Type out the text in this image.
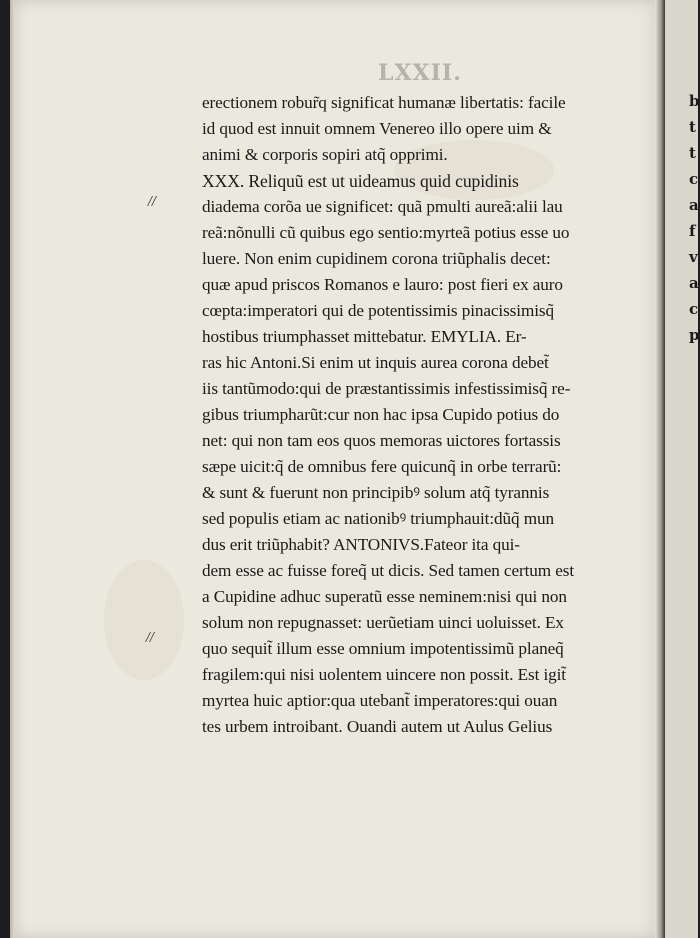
b
t
t
c
a
f
v
a
c
p
LXXII.
//
//
erectionem robur̃q significat humanæ libertatis: facile
id quod est innuit omnem Venereo illo opere uim &
animi & corporis sopiri atq̃ opprimi.
XXX. Reliquũ est ut uideamus quid cupidinis
diadema corõa ue significet: quã pmulti aureã:alii lau
reã:nõnulli cũ quibus ego sentio:myrteã potius esse uo
luere. Non enim cupidinem corona triũphalis decet:
quæ apud priscos Romanos e lauro: post fieri ex auro
cœpta:imperatori qui de potentissimis pinacissimisq̃
hostibus triumphasset mittebatur. EMYLIA. Er-
ras hic Antoni.Si enim ut inquis aurea corona debet̃
iis tantũmodo:qui de præstantissimis infestissimisq̃ re-
gibus triumpharũt:cur non hac ipsa Cupido potius do
net: qui non tam eos quos memoras uictores fortassis
sæpe uicit:q̃ de omnibus fere quicunq̃ in orbe terrarũ:
& sunt & fuerunt non principibꝰ solum atq̃ tyrannis
sed populis etiam ac nationibꝰ triumphauit:dũq̃ mun
dus erit triũphabit? ANTONIVS.Fateor ita qui-
dem esse ac fuisse foreq̃ ut dicis. Sed tamen certum est
a Cupidine adhuc superatũ esse neminem:nisi qui non
solum non repugnasset: uerũetiam uinci uoluisset. Ex
quo sequit̃ illum esse omnium impotentissimũ planeq̃
fragilem:qui nisi uolentem uincere non possit. Est igit̃
myrtea huic aptior:qua utebant̃ imperatores:qui ouan
tes urbem introibant. Ouandi autem ut Aulus Gelius
